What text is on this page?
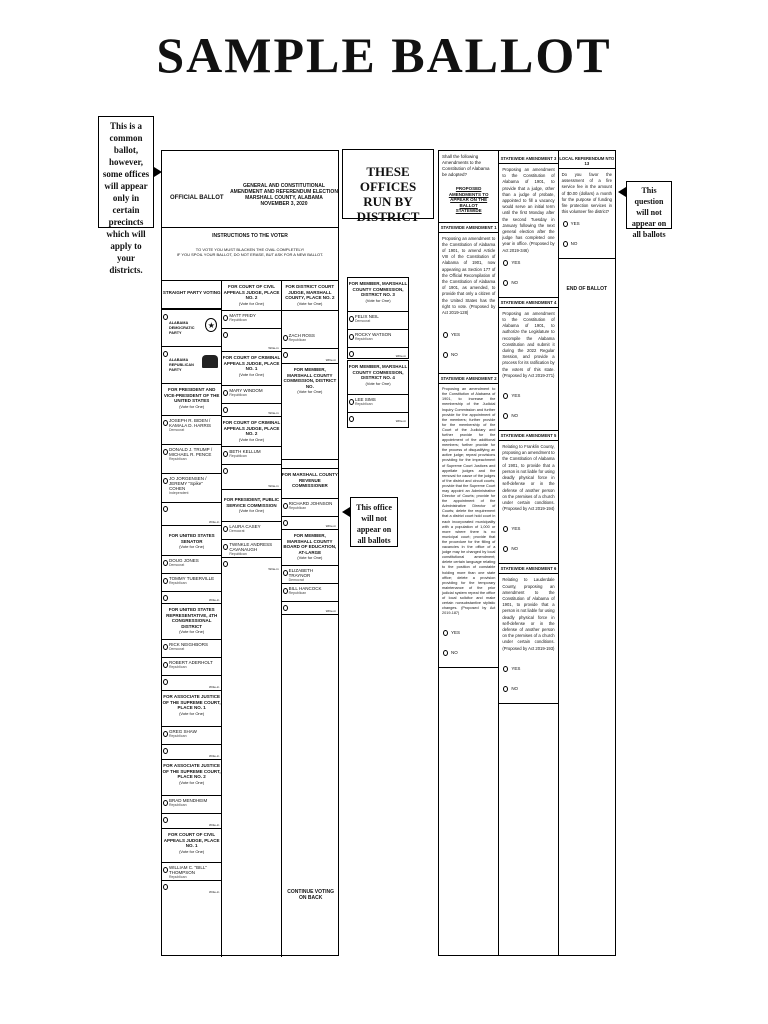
SAMPLE BALLOT
This is a common ballot, however, some offices will appear only in certain precincts which will apply to your districts.
OFFICIAL BALLOT
GENERAL AND CONSTITUTIONAL AMENDMENT AND REFERENDUM ELECTION
MARSHALL COUNTY, ALABAMA
NOVEMBER 3, 2020
INSTRUCTIONS TO THE VOTER
TO VOTE YOU MUST BLACKEN THE OVAL COMPLETELY!
IF YOU SPOIL YOUR BALLOT, DO NOT ERASE, BUT ASK FOR A NEW BALLOT.
STRAIGHT PARTY VOTING
ALABAMA DEMOCRATIC PARTY
★
ALABAMA REPUBLICAN PARTY
FOR PRESIDENT AND VICE-PRESIDENT OF THE UNITED STATES
(Vote for One)
JOSEPH R. BIDEN / KAMALA D. HARRIS
Democrat
DONALD J. TRUMP / MICHAEL R. PENCE
Republican
JO JORGENSEN / JEREMY "Spike" COHEN
Independent
Write-in
FOR UNITED STATES SENATOR
(Vote for One)
DOUG JONES
Democrat
TOMMY TUBERVILLE
Republican
Write-in
FOR UNITED STATES REPRESENTATIVE, 4TH CONGRESSIONAL DISTRICT
(Vote for One)
RICK NEIGHBORS
Democrat
ROBERT ADERHOLT
Republican
Write-in
FOR ASSOCIATE JUSTICE OF THE SUPREME COURT, PLACE NO. 1
(Vote for One)
GREG SHAW
Republican
Write-in
FOR ASSOCIATE JUSTICE OF THE SUPREME COURT, PLACE NO. 2
(Vote for One)
BRAD MENDHEIM
Republican
Write-in
FOR COURT OF CIVIL APPEALS JUDGE, PLACE NO. 1
(Vote for One)
WILLIAM C. "BILL" THOMPSON
Republican
Write-in
FOR COURT OF CIVIL APPEALS JUDGE, PLACE NO. 2
(Vote for One)
MATT FRIDY
Republican
Write-in
FOR COURT OF CRIMINAL APPEALS JUDGE, PLACE NO. 1
(Vote for One)
MARY WINDOM
Republican
Write-in
FOR COURT OF CRIMINAL APPEALS JUDGE, PLACE NO. 2
(Vote for One)
BETH KELLUM
Republican
Write-in
FOR PRESIDENT, PUBLIC SERVICE COMMISSION
(Vote for One)
LAURA CASEY
Democrat
TWINKLE ANDRESS CAVANAUGH
Republican
Write-in
FOR DISTRICT COURT JUDGE, MARSHALL COUNTY, PLACE NO. 2
(Vote for One)
ZACH ROSS
Republican
Write-in
FOR MEMBER, MARSHALL COUNTY COMMISSION, DISTRICT NO.
(Vote for One)
FOR MARSHALL COUNTY REVENUE COMMISSIONER
RICHARD JOHNSON
Republican
Write-in
FOR MEMBER, MARSHALL COUNTY BOARD OF EDUCATION, AT-LARGE
(Vote for One)
ELIZABETH TRAYNOR
Democrat
BILL HANCOCK
Republican
Write-in
CONTINUE VOTING ON BACK
THESE OFFICES RUN BY DISTRICT
FOR MEMBER, MARSHALL COUNTY COMMISSION, DISTRICT NO. 3
(Vote for One)
FELIX NEIL
Democrat
ROCKY WATSON
Republican
Write-in
FOR MEMBER, MARSHALL COUNTY COMMISSION, DISTRICT NO. 4
(Vote for One)
LEE SIMS
Republican
Write-in
This office will not appear on all ballots
Shall the following Amendments to the Constitution of Alabama be adopted?
PROPOSED AMENDMENTS TO APPEAR ON THE BALLOT STATEWIDE
STATEWIDE AMENDMENT 1
Proposing an amendment to the Constitution of Alabama of 1901, to amend Article VIII of the Constitution of Alabama of 1901, now appearing as Section 177 of the Official Recompilation of the Constitution of Alabama of 1901, as amended, to provide that only a citizen of the United States has the right to vote. (Proposed by Act 2019-128)
YES
NO
STATEWIDE AMENDMENT 2
Proposing an amendment to the Constitution of Alabama of 1901, to increase the membership of the Judicial Inquiry Commission and further provide for the appointment of the members; further provide for the membership of the Court of the Judiciary and further provide for the appointment of the additional members; further provide for the process of disqualifying an active judge; repeal provisions providing for the impeachment of Supreme Court Justices and appellate judges and the removal for cause of the judges of the district and circuit courts; provide that the Supreme Court may appoint an Administrative Director of Courts; provide for the appointment of the Administrative Director of Courts; delete the requirement that a district court hold court in each incorporated municipality with a population of 1,000 or more where there is no municipal court; provide that the procedure for the filling of vacancies in the office of a judge may be changed by local constitutional amendment; delete certain language relating to the position of constable holding more than one state office; delete a provision providing for the temporary maintenance of the prior judicial system repeal the office of local solicitor and make certain nonsubstantive stylistic changes. (Proposed by Act 2019-187)
YES
NO
STATEWIDE AMENDMENT 3
Proposing an amendment to the Constitution of Alabama of 1901, to provide that a judge, other than a judge of probate, appointed to fill a vacancy would serve an initial term until the first Monday after the second Tuesday in January following the next general election after the judge has completed one year in office. (Proposed by Act 2019-346)
YES
NO
STATEWIDE AMENDMENT 4
Proposing an amendment to the Constitution of Alabama of 1901, to authorize the Legislature to recompile the Alabama Constitution and submit it during the 2022 Regular Session, and provide a process for its ratification by the voters of this state. (Proposed by Act 2019-271)
YES
NO
STATEWIDE AMENDMENT 5
Relating to Franklin County, proposing an amendment to the Constitution of Alabama of 1901, to provide that a person is not liable for using deadly physical force in self-defense or in the defense of another person on the premises of a church under certain conditions. (Proposed by Act 2019-194)
YES
NO
STATEWIDE AMENDMENT 6
Relating to Lauderdale County, proposing an amendment to the Constitution of Alabama of 1901, to provide that a person is not liable for using deadly physical force in self-defense or in the defense of another person on the premises of a church under certain conditions. (Proposed by Act 2019-193)
YES
NO
LOCAL REFERENDUM NTO 13
Do you favor the assessment of a fire service fee in the amount of $0.00 (dollars) a month for the purpose of funding fire protection services in this volunteer fire district?
YES
NO
END OF BALLOT
This question will not appear on all ballots
